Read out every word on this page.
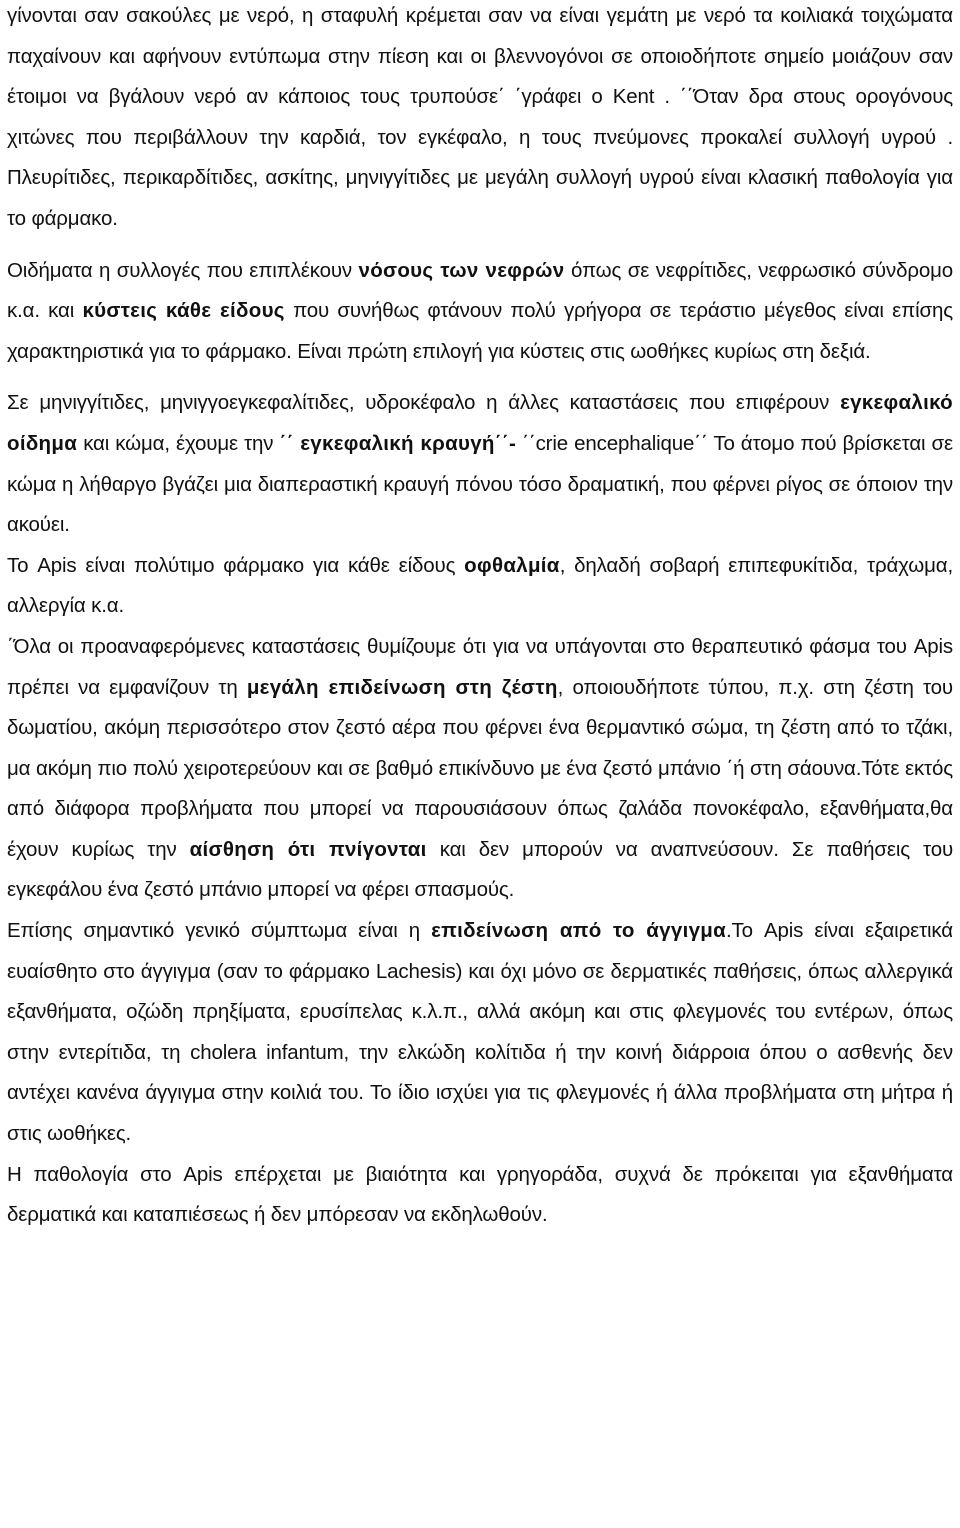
γίνονται σαν σακούλες με νερό, η σταφυλή κρέμεται σαν να είναι γεμάτη με νερό τα κοιλιακά τοιχώματα παχαίνουν και αφήνουν εντύπωμα στην πίεση και οι βλεννογόνοι σε οποιοδήποτε σημείο μοιάζουν σαν έτοιμοι να βγάλουν νερό αν κάποιος τους τρυπούσε΄ ΄γράφει ο Kent . ΄΄Όταν δρα στους ορογόνους χιτώνες που περιβάλλουν την καρδιά, τον εγκέφαλο, η τους πνεύμονες προκαλεί συλλογή υγρού . Πλευρίτιδες, περικαρδίτιδες, ασκίτης, μηνιγγίτιδες με μεγάλη συλλογή υγρού είναι κλασική παθολογία για το φάρμακο.

Οιδήματα η συλλογές που επιπλέκουν νόσους των νεφρών όπως σε νεφρίτιδες, νεφρωσικό σύνδρομο κ.α. και κύστεις κάθε είδους που συνήθως φτάνουν πολύ γρήγορα σε τεράστιο μέγεθος είναι επίσης χαρακτηριστικά για το φάρμακο. Είναι πρώτη επιλογή για κύστεις στις ωοθήκες κυρίως στη δεξιά.

Σε μηνιγγίτιδες, μηνιγγοεγκεφαλίτιδες, υδροκέφαλο η άλλες καταστάσεις που επιφέρουν εγκεφαλικό οίδημα και κώμα, έχουμε την ΄΄ εγκεφαλική κραυγή΄΄- ΄΄crie encephalique΄΄ Το άτομο πού βρίσκεται σε κώμα η λήθαργο βγάζει μια διαπεραστική κραυγή πόνου τόσο δραματική, που φέρνει ρίγος σε όποιον την ακούει.

Το Apis είναι πολύτιμο φάρμακο για κάθε είδους οφθαλμία, δηλαδή σοβαρή επιπεφυκίτιδα, τράχωμα, αλλεργία κ.α.

΄Όλα οι προαναφερόμενες καταστάσεις θυμίζουμε ότι για να υπάγονται στο θεραπευτικό φάσμα του Apis πρέπει να εμφανίζουν τη μεγάλη επιδείνωση στη ζέστη, οποιουδήποτε τύπου, π.χ. στη ζέστη του δωματίου, ακόμη περισσότερο στον ζεστό αέρα που φέρνει ένα θερμαντικό σώμα, τη ζέστη από το τζάκι, μα ακόμη πιο πολύ χειροτερεύουν και σε βαθμό επικίνδυνο με ένα ζεστό μπάνιο ΄ή στη σάουνα.Τότε εκτός από διάφορα προβλήματα που μπορεί να παρουσιάσουν όπως ζαλάδα πονοκέφαλο, εξανθήματα,θα έχουν κυρίως την αίσθηση ότι πνίγονται και δεν μπορούν να αναπνεύσουν. Σε παθήσεις του εγκεφάλου ένα ζεστό μπάνιο μπορεί να φέρει σπασμούς.

Επίσης σημαντικό γενικό σύμπτωμα είναι η επιδείνωση από το άγγιγμα.Το Apis είναι εξαιρετικά ευαίσθητο στο άγγιγμα (σαν το φάρμακο Lachesis) και όχι μόνο σε δερματικές παθήσεις, όπως αλλεργικά εξανθήματα, οζώδη πρηξίματα, ερυσίπελας κ.λ.π., αλλά ακόμη και στις φλεγμονές του εντέρων, όπως στην εντερίτιδα, τη cholera infantum, την ελκώδη κολίτιδα ή την κοινή διάρροια όπου ο ασθενής δεν αντέχει κανένα άγγιγμα στην κοιλιά του. Το ίδιο ισχύει για τις φλεγμονές ή άλλα προβλήματα στη μήτρα ή στις ωοθήκες.

Η παθολογία στο Apis επέρχεται με βιαιότητα και γρηγοράδα, συχνά δε πρόκειται για εξανθήματα δερματικά και καταπιέσεως ή δεν μπόρεσαν να εκδηλωθούν.
